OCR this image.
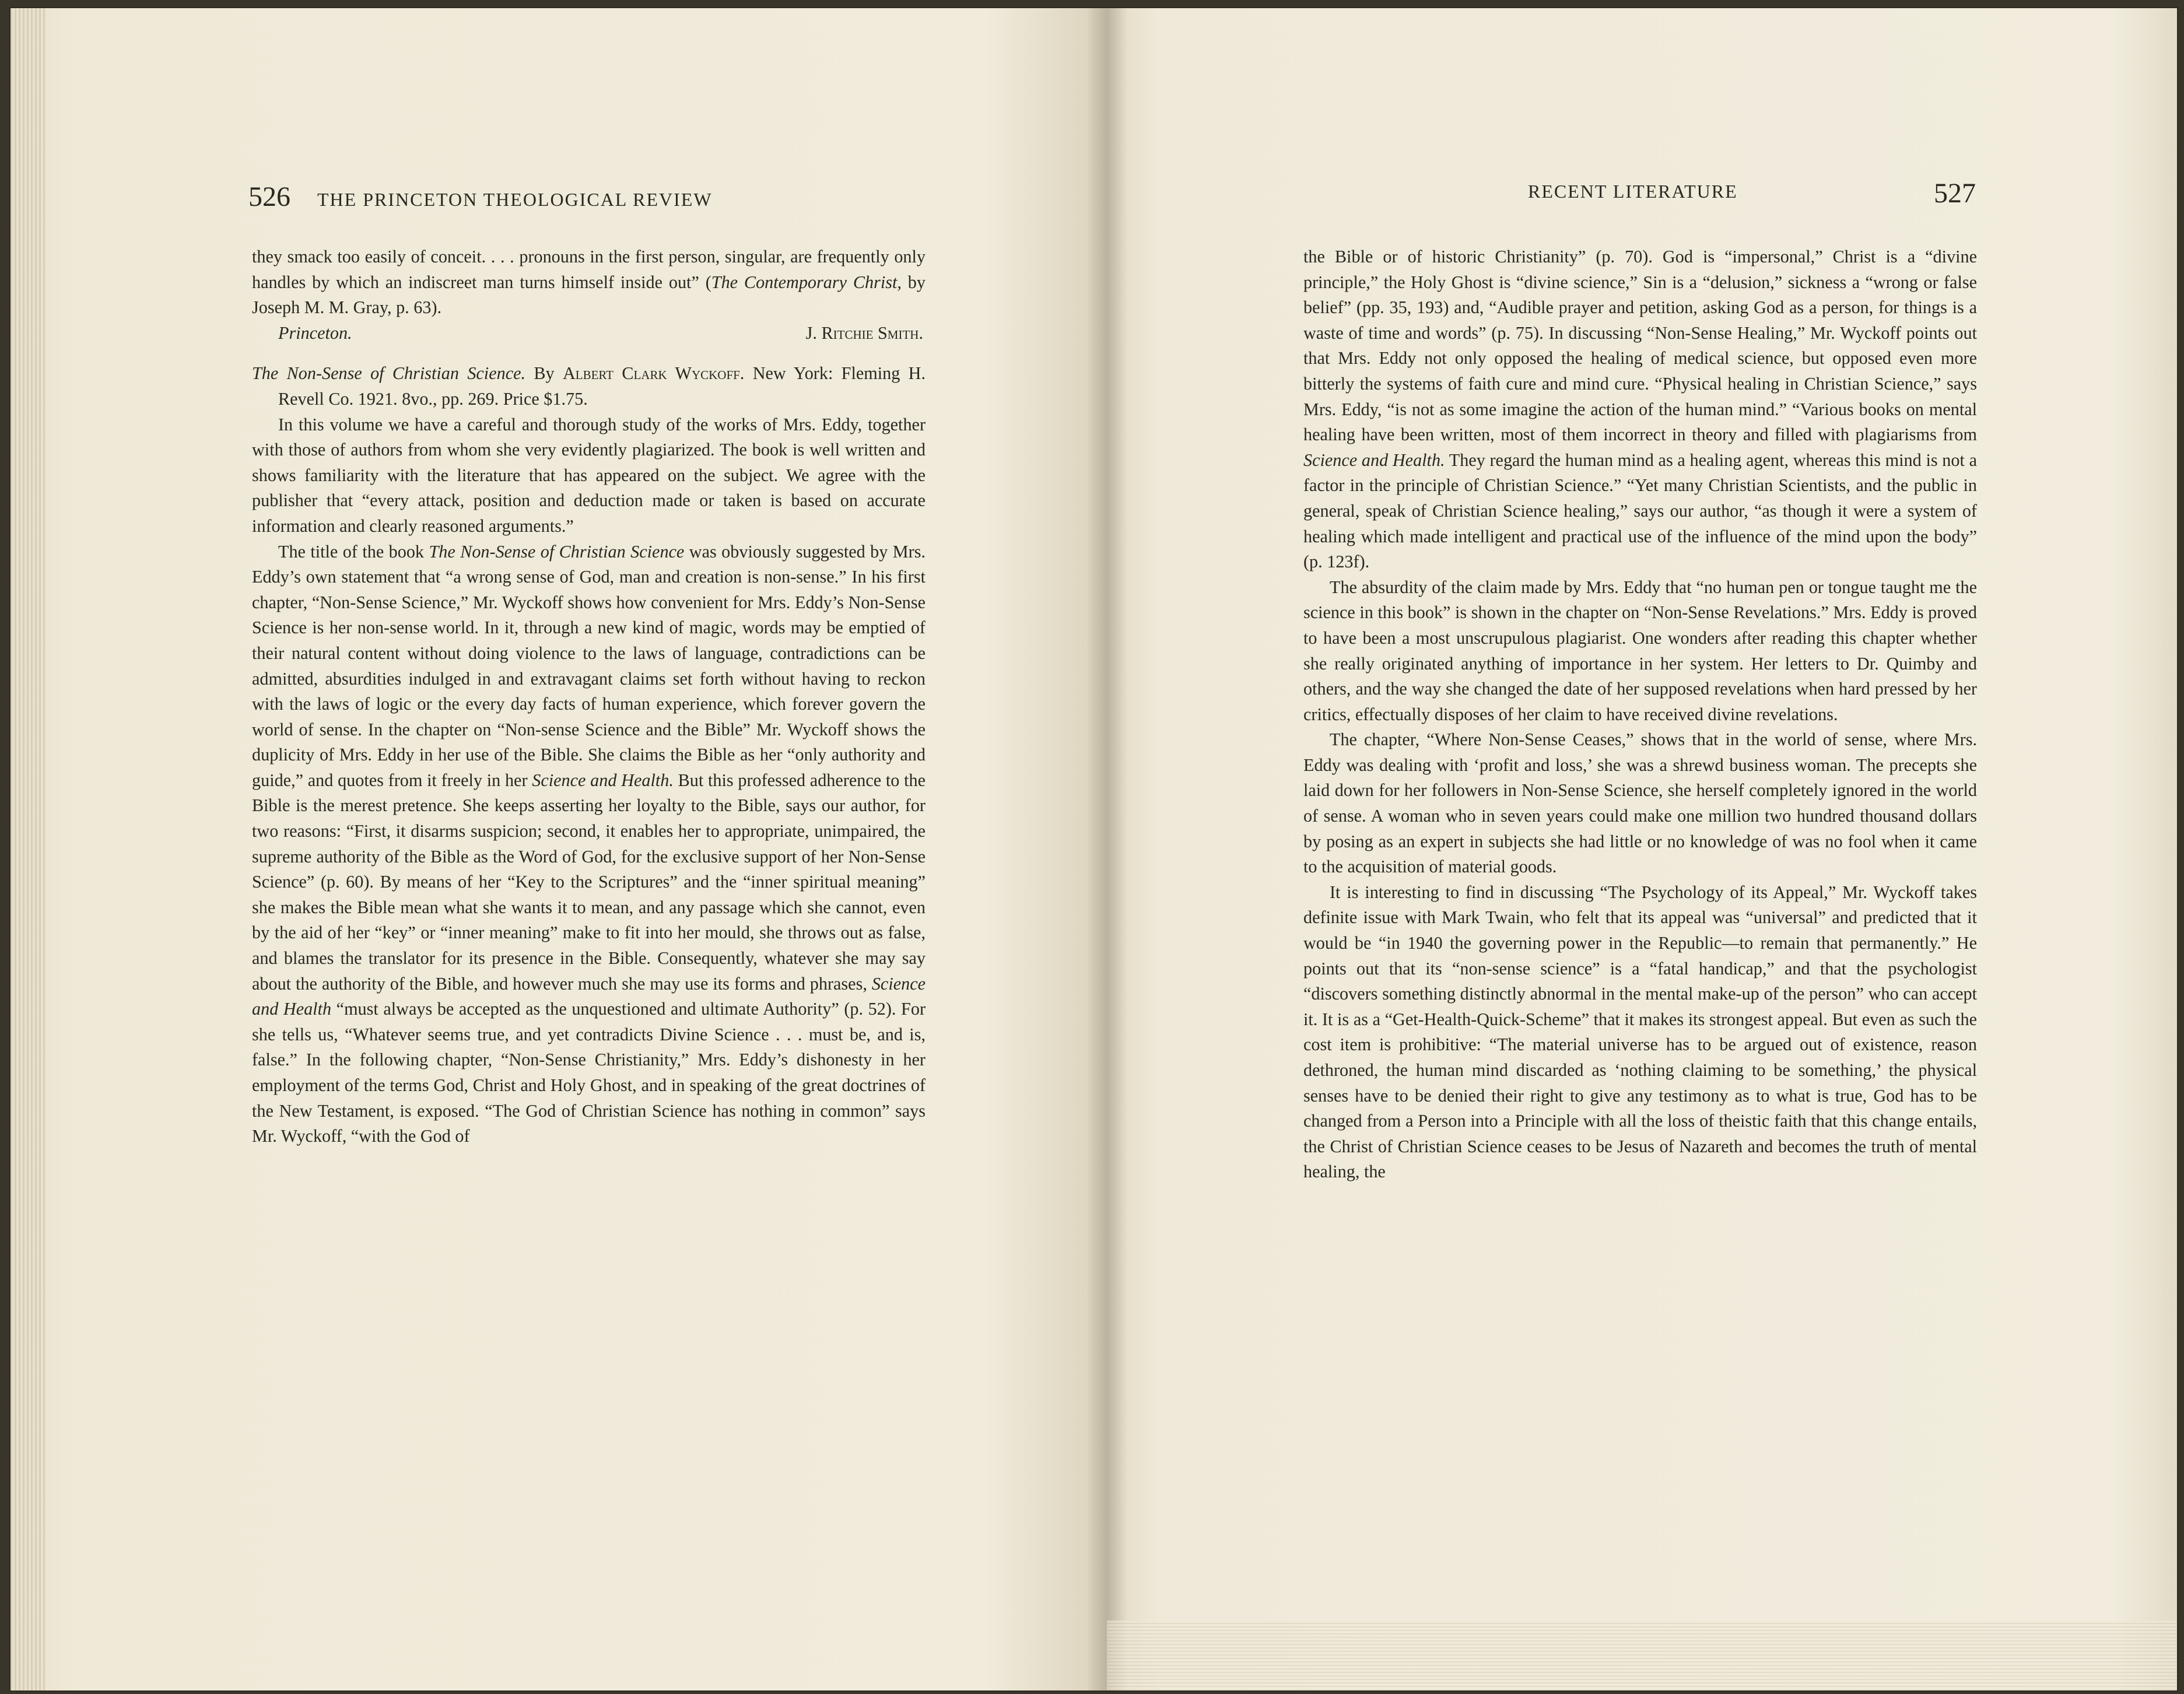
526 THE PRINCETON THEOLOGICAL REVIEW

they smack too easily of conceit. . . . pronouns in the first person, singular, are frequently only handles by which an indiscreet man turns himself inside out” (The Contemporary Christ, by Joseph M. M. Gray, p. 63).

Princeton.	J. Ritchie Smith.

The Non-Sense of Christian Science. By Albert Clark Wyckoff. New York: Fleming H. Revell Co. 1921. 8vo., pp. 269. Price $1.75.

In this volume we have a careful and thorough study of the works of Mrs. Eddy, together with those of authors from whom she very evidently plagiarized. The book is well written and shows familiarity with the literature that has appeared on the subject. We agree with the publisher that “every attack, position and deduction made or taken is based on accurate information and clearly reasoned arguments.”

The title of the book The Non-Sense of Christian Science was obviously suggested by Mrs. Eddy’s own statement that “a wrong sense of God, man and creation is non-sense.” In his first chapter, “Non-Sense Science,” Mr. Wyckoff shows how convenient for Mrs. Eddy’s Non-Sense Science is her non-sense world. In it, through a new kind of magic, words may be emptied of their natural content without doing violence to the laws of language, contradictions can be admitted, absurdities indulged in and extravagant claims set forth without having to reckon with the laws of logic or the every day facts of human experience, which forever govern the world of sense. In the chapter on “Non-sense Science and the Bible” Mr. Wyckoff shows the duplicity of Mrs. Eddy in her use of the Bible. She claims the Bible as her “only authority and guide,” and quotes from it freely in her Science and Health. But this professed adherence to the Bible is the merest pretence. She keeps asserting her loyalty to the Bible, says our author, for two reasons: “First, it disarms suspicion; second, it enables her to appropriate, unimpaired, the supreme authority of the Bible as the Word of God, for the exclusive support of her Non-Sense Science” (p. 60). By means of her “Key to the Scriptures” and the “inner spiritual meaning” she makes the Bible mean what she wants it to mean, and any passage which she cannot, even by the aid of her “key” or “inner meaning” make to fit into her mould, she throws out as false, and blames the translator for its presence in the Bible. Consequently, whatever she may say about the authority of the Bible, and however much she may use its forms and phrases, Science and Health “must always be accepted as the unquestioned and ultimate Authority” (p. 52). For she tells us, “Whatever seems true, and yet contradicts Divine Science . . . must be, and is, false.” In the following chapter, “Non-Sense Christianity,” Mrs. Eddy’s dishonesty in her employment of the terms God, Christ and Holy Ghost, and in speaking of the great doctrines of the New Testament, is exposed. “The God of Christian Science has nothing in common” says Mr. Wyckoff, “with the God of

RECENT LITERATURE	527

the Bible or of historic Christianity” (p. 70). God is “impersonal,” Christ is a “divine principle,” the Holy Ghost is “divine science,” Sin is a “delusion,” sickness a “wrong or false belief” (pp. 35, 193) and, “Audible prayer and petition, asking God as a person, for things is a waste of time and words” (p. 75). In discussing “Non-Sense Healing,” Mr. Wyckoff points out that Mrs. Eddy not only opposed the healing of medical science, but opposed even more bitterly the systems of faith cure and mind cure. “Physical healing in Christian Science,” says Mrs. Eddy, “is not as some imagine the action of the human mind.” “Various books on mental healing have been written, most of them incorrect in theory and filled with plagiarisms from Science and Health. They regard the human mind as a healing agent, whereas this mind is not a factor in the principle of Christian Science.” “Yet many Christian Scientists, and the public in general, speak of Christian Science healing,” says our author, “as though it were a system of healing which made intelligent and practical use of the influence of the mind upon the body” (p. 123f).

The absurdity of the claim made by Mrs. Eddy that “no human pen or tongue taught me the science in this book” is shown in the chapter on “Non-Sense Revelations.” Mrs. Eddy is proved to have been a most unscrupulous plagiarist. One wonders after reading this chapter whether she really originated anything of importance in her system. Her letters to Dr. Quimby and others, and the way she changed the date of her supposed revelations when hard pressed by her critics, effectually disposes of her claim to have received divine revelations.

The chapter, “Where Non-Sense Ceases,” shows that in the world of sense, where Mrs. Eddy was dealing with ‘profit and loss,’ she was a shrewd business woman. The precepts she laid down for her followers in Non-Sense Science, she herself completely ignored in the world of sense. A woman who in seven years could make one million two hundred thousand dollars by posing as an expert in subjects she had little or no knowledge of was no fool when it came to the acquisition of material goods.

It is interesting to find in discussing “The Psychology of its Appeal,” Mr. Wyckoff takes definite issue with Mark Twain, who felt that its appeal was “universal” and predicted that it would be “in 1940 the governing power in the Republic—to remain that permanently.” He points out that its “non-sense science” is a “fatal handicap,” and that the psychologist “discovers something distinctly abnormal in the mental make-up of the person” who can accept it. It is as a “Get-Health-Quick-Scheme” that it makes its strongest appeal. But even as such the cost item is prohibitive: “The material universe has to be argued out of existence, reason dethroned, the human mind discarded as ‘nothing claiming to be something,’ the physical senses have to be denied their right to give any testimony as to what is true, God has to be changed from a Person into a Principle with all the loss of theistic faith that this change entails, the Christ of Christian Science ceases to be Jesus of Nazareth and becomes the truth of mental healing, the
